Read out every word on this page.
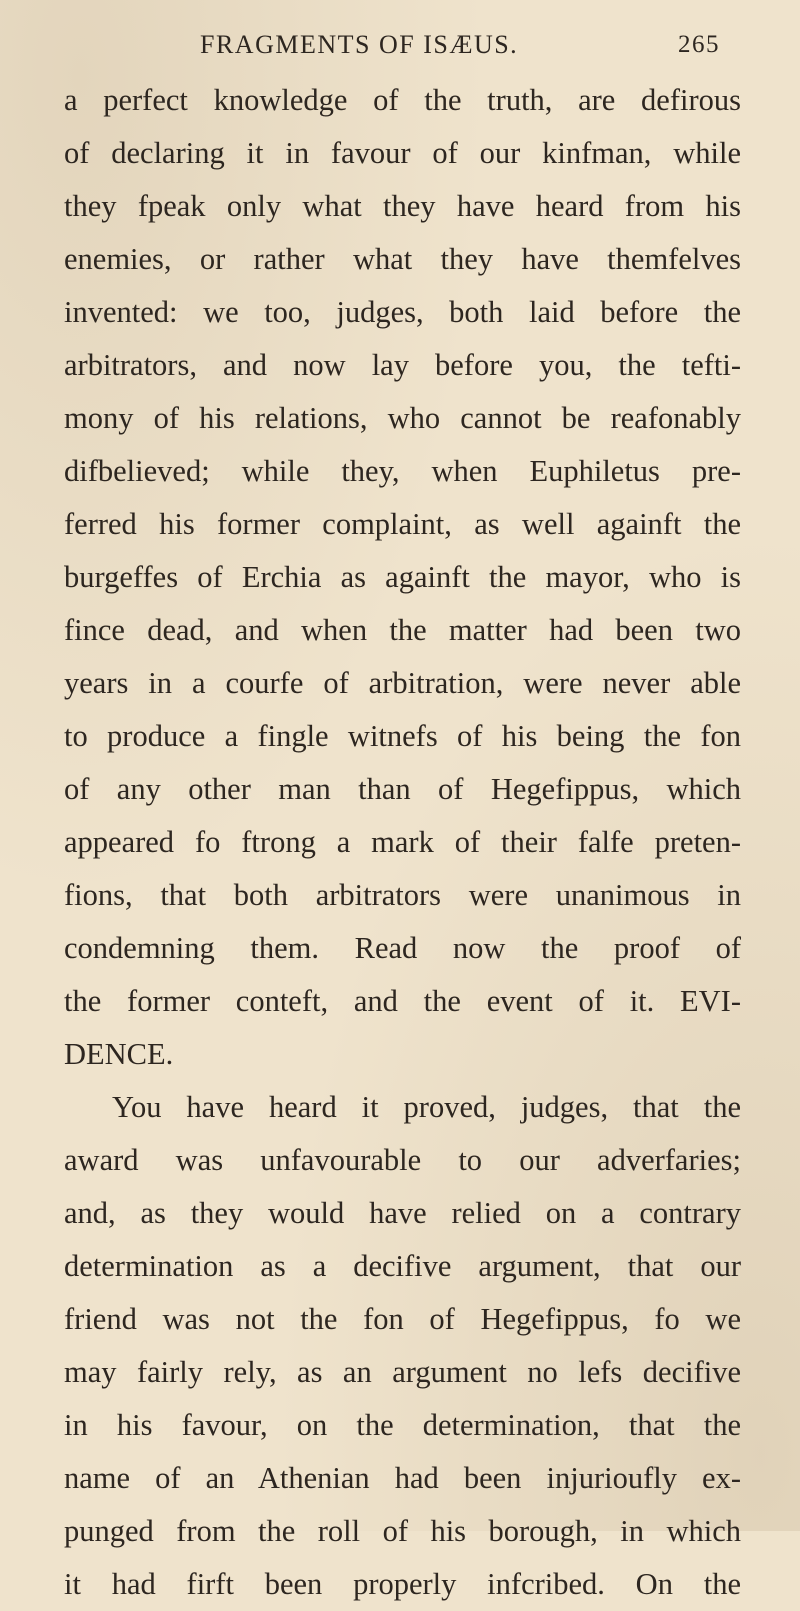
FRAGMENTS OF ISÆUS.	265
a perfect knowledge of the truth, are defirous
of declaring it in favour of our kinfman, while
they fpeak only what they have heard from his
enemies, or rather what they have themfelves
invented: we too, judges, both laid before the
arbitrators, and now lay before you, the tefti-
mony of his relations, who cannot be reafonably
difbelieved; while they, when Euphiletus pre-
ferred his former complaint, as well againft the
burgeffes of Erchia as againft the mayor, who is
fince dead, and when the matter had been two
years in a courfe of arbitration, were never able
to produce a fingle witnefs of his being the fon
of any other man than of Hegefippus, which
appeared fo ftrong a mark of their falfe preten-
fions, that both arbitrators were unanimous in
condemning them. Read now the proof of
the former conteft, and the event of it. EVI-
DENCE.
You have heard it proved, judges, that the
award was unfavourable to our adverfaries;
and, as they would have relied on a contrary
determination as a decifive argument, that our
friend was not the fon of Hegefippus, fo we
may fairly rely, as an argument no lefs decifive
in his favour, on the determination, that the
name of an Athenian had been injurioufly ex-
punged from the roll of his borough, in which
it had firft been properly infcribed. On the
